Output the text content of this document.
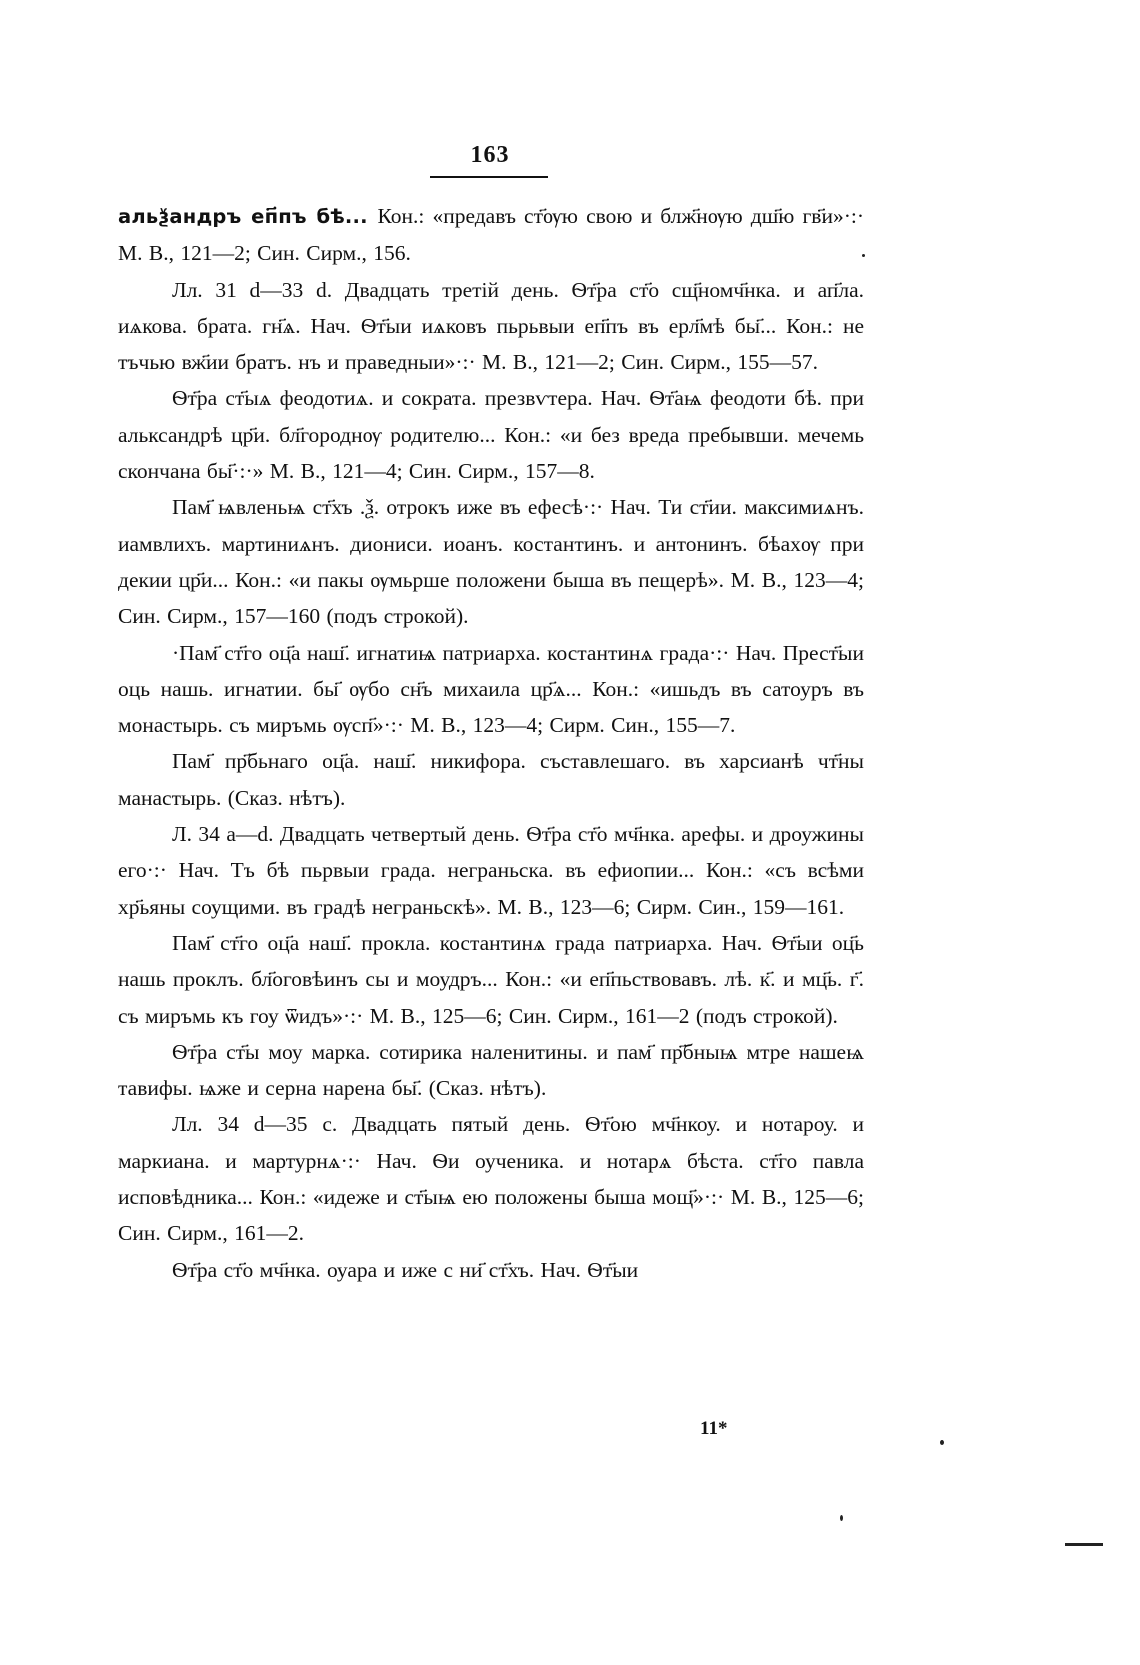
163

альѯандръ еп҃пъ бѣ... Кон.: «предавъ ст҃ѹю свою и блж҃нѹю дш҃ю гв҃и»·:· М. В., 121—2; Син. Сирм., 156.

Лл. 31 d—33 d. Двадцать третій день. Ѳт҃ра ст҃о сщ҃номч҃нка. и ап҃ла. иѧкова. брата. гн҃ѧ. Нач. Ѳт҃ыи иѧковъ пьрьвыи еп҃пъ въ ерл҃мѣ бы҃... Кон.: не тъчью вж҃ии братъ. нъ и праведныи»·:· М. В., 121—2; Син. Сирм., 155—57.

Ѳт҃ра ст҃ыѧ феодотиѧ. и сократа. презвѵтера. Нач. Ѳт҃аѩ феодоти бѣ. при альксандрѣ цр҃и. бл҃городнѹ родителю... Кон.: «и без вреда пребывши. мечемь скончана бы҃·:·» М. В., 121—4; Син. Сирм., 157—8.

Пам҃ ѩвленьѩ ст҃хъ .ѯ. отрокъ иже въ ефесѣ·:· Нач. Ти ст҃ии. максимиѧнъ. иамвлихъ. мартиниѧнъ. диониси. иоанъ. костантинъ. и антонинъ. бѣахѹ при декии цр҃и... Кон.: «и пакы ѹмьрше положени быша въ пещерѣ». М. В., 123—4; Син. Сирм., 157—160 (подъ строкой).

·Пам҃ ст҃го оц҃а наш҃. игнатиѩ патриарха. костантинѧ града·:· Нач. Прест҃ыи оць нашь. игнатии. бы҃ ѹбо сн҃ъ михаила цр҃ѧ... Кон.: «ишьдъ въ сатоуръ въ монастырь. съ миръмь ѹсп҃»·:· М. В., 123—4; Сирм. Син., 155—7.

Пам҃ пр҃бьнаго оц҃а. наш҃. никифора. съставлешаго. въ харсианѣ чт҃ны манастырь. (Сказ. нѣтъ).

Л. 34 a—d. Двадцать четвертый день. Ѳт҃ра ст҃о мч҃нка. арефы. и дроужины его·:· Нач. Тъ бѣ пьрвыи града. неграньска. въ ефиопии... Кон.: «съ всѣми хр҃ьяны соущими. въ градѣ неграньскѣ». М. В., 123—6; Сирм. Син., 159—161.

Пам҃ ст҃го оц҃а наш҃. прокла. костантинѧ града патриарха. Нач. Ѳт҃ыи оц҃ь нашь проклъ. бл҃оговѣинъ сы и моудръ... Кон.: «и еп҃пьствовавъ. лѣ. к҃. и мц҃ь. г҃. съ миръмь къ гоу ѿидъ»·:· М. В., 125—6; Син. Сирм., 161—2 (подъ строкой).

Ѳт҃ра ст҃ы моу марка. сотирика наленитины. и пам҃ пр҃бныѩ мтре нашеѩ тавифы. ѩже и серна нарена бы҃. (Сказ. нѣтъ).

Лл. 34 d—35 c. Двадцать пятый день. Ѳт҃ою мч҃нкоу. и нотароу. и маркиана. и мартурнѧ·:· Нач. Ѳи оученика. и нотарѧ бѣста. ст҃го павла исповѣдника... Кон.: «идеже и ст҃ыѩ ею положены быша мощ҃»·:· М. В., 125—6; Син. Сирм., 161—2.

Ѳт҃ра ст҃о мч҃нка. оуара и иже с ни҃ ст҃хъ. Нач. Ѳт҃ыи

11*
